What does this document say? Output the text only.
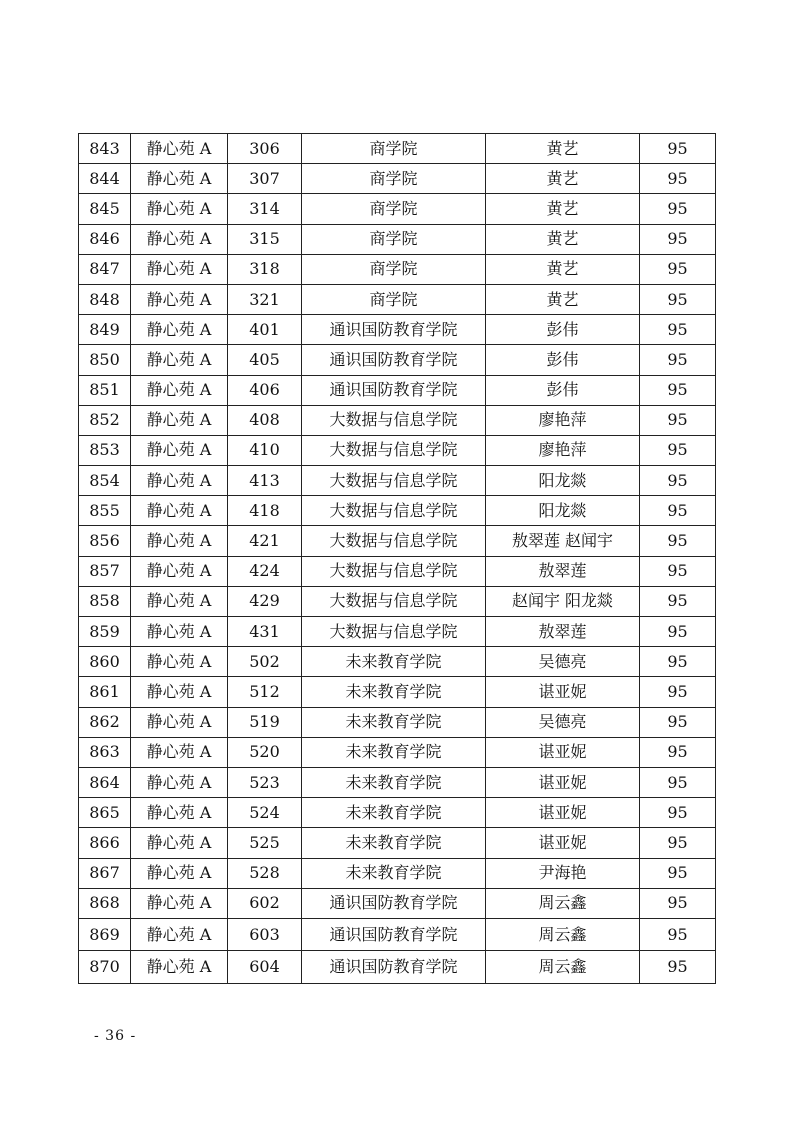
843	静心苑 A	306	商学院	黄艺	95
844	静心苑 A	307	商学院	黄艺	95
845	静心苑 A	314	商学院	黄艺	95
846	静心苑 A	315	商学院	黄艺	95
847	静心苑 A	318	商学院	黄艺	95
848	静心苑 A	321	商学院	黄艺	95
849	静心苑 A	401	通识国防教育学院	彭伟	95
850	静心苑 A	405	通识国防教育学院	彭伟	95
851	静心苑 A	406	通识国防教育学院	彭伟	95
852	静心苑 A	408	大数据与信息学院	廖艳萍	95
853	静心苑 A	410	大数据与信息学院	廖艳萍	95
854	静心苑 A	413	大数据与信息学院	阳龙燚	95
855	静心苑 A	418	大数据与信息学院	阳龙燚	95
856	静心苑 A	421	大数据与信息学院	敖翠莲 赵闻宇	95
857	静心苑 A	424	大数据与信息学院	敖翠莲	95
858	静心苑 A	429	大数据与信息学院	赵闻宇 阳龙燚	95
859	静心苑 A	431	大数据与信息学院	敖翠莲	95
860	静心苑 A	502	未来教育学院	吴德亮	95
861	静心苑 A	512	未来教育学院	谌亚妮	95
862	静心苑 A	519	未来教育学院	吴德亮	95
863	静心苑 A	520	未来教育学院	谌亚妮	95
864	静心苑 A	523	未来教育学院	谌亚妮	95
865	静心苑 A	524	未来教育学院	谌亚妮	95
866	静心苑 A	525	未来教育学院	谌亚妮	95
867	静心苑 A	528	未来教育学院	尹海艳	95
868	静心苑 A	602	通识国防教育学院	周云鑫	95
869	静心苑 A	603	通识国防教育学院	周云鑫	95
870	静心苑 A	604	通识国防教育学院	周云鑫	95
- 36 -
